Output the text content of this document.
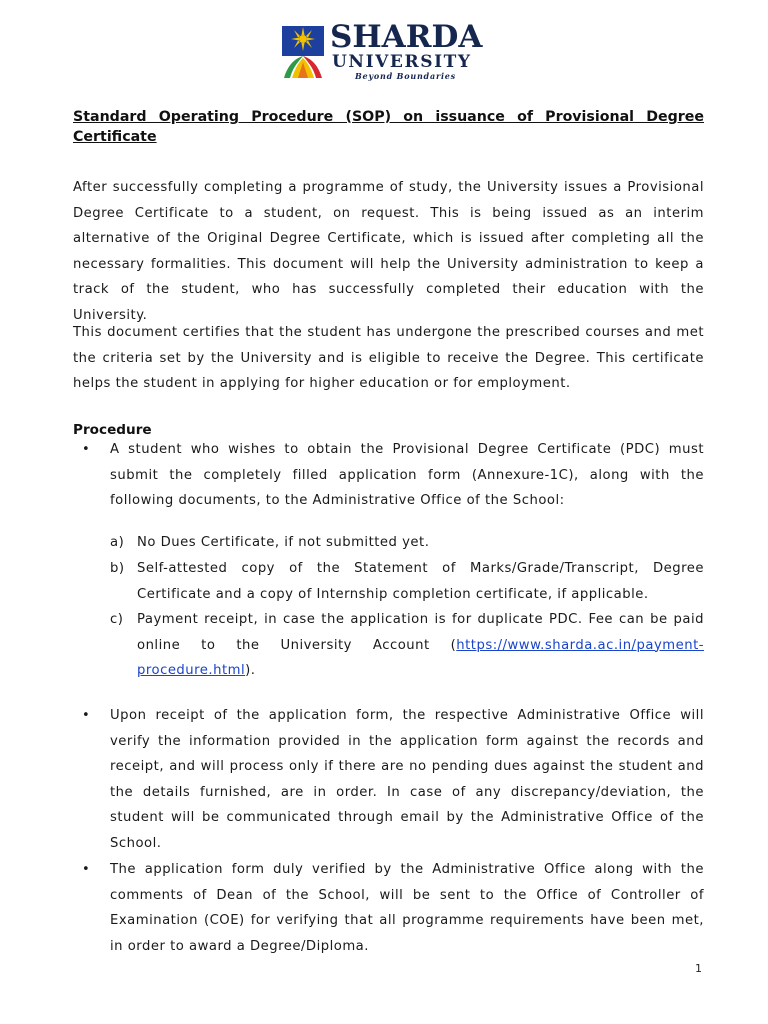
SHARDA
UNIVERSITY
Beyond Boundaries
Standard Operating Procedure (SOP) on issuance of Provisional Degree Certificate
After successfully completing a programme of study, the University issues a Provisional Degree Certificate to a student, on request. This is being issued as an interim alternative of the Original Degree Certificate, which is issued after completing all the necessary formalities. This document will help the University administration to keep a track of the student, who has successfully completed their education with the University.
This document certifies that the student has undergone the prescribed courses and met the criteria set by the University and is eligible to receive the Degree. This certificate helps the student in applying for higher education or for employment.
Procedure
• A student who wishes to obtain the Provisional Degree Certificate (PDC) must submit the completely filled application form (Annexure-1C), along with the following documents, to the Administrative Office of the School:
a) No Dues Certificate, if not submitted yet.
b) Self-attested copy of the Statement of Marks/Grade/Transcript, Degree Certificate and a copy of Internship completion certificate, if applicable.
c)	Payment receipt, in case the application is for duplicate PDC. Fee can be paid online to the University Account (https://www.sharda.ac.in/payment-procedure.html).
• Upon receipt of the application form, the respective Administrative Office will verify the information provided in the application form against the records and receipt, and will process only if there are no pending dues against the student and the details furnished, are in order. In case of any discrepancy/deviation, the student will be communicated through email by the Administrative Office of the School.
• The application form duly verified by the Administrative Office along with the comments of Dean of the School, will be sent to the Office of Controller of Examination (COE) for verifying that all programme requirements have been met, in order to award a Degree/Diploma.
1
